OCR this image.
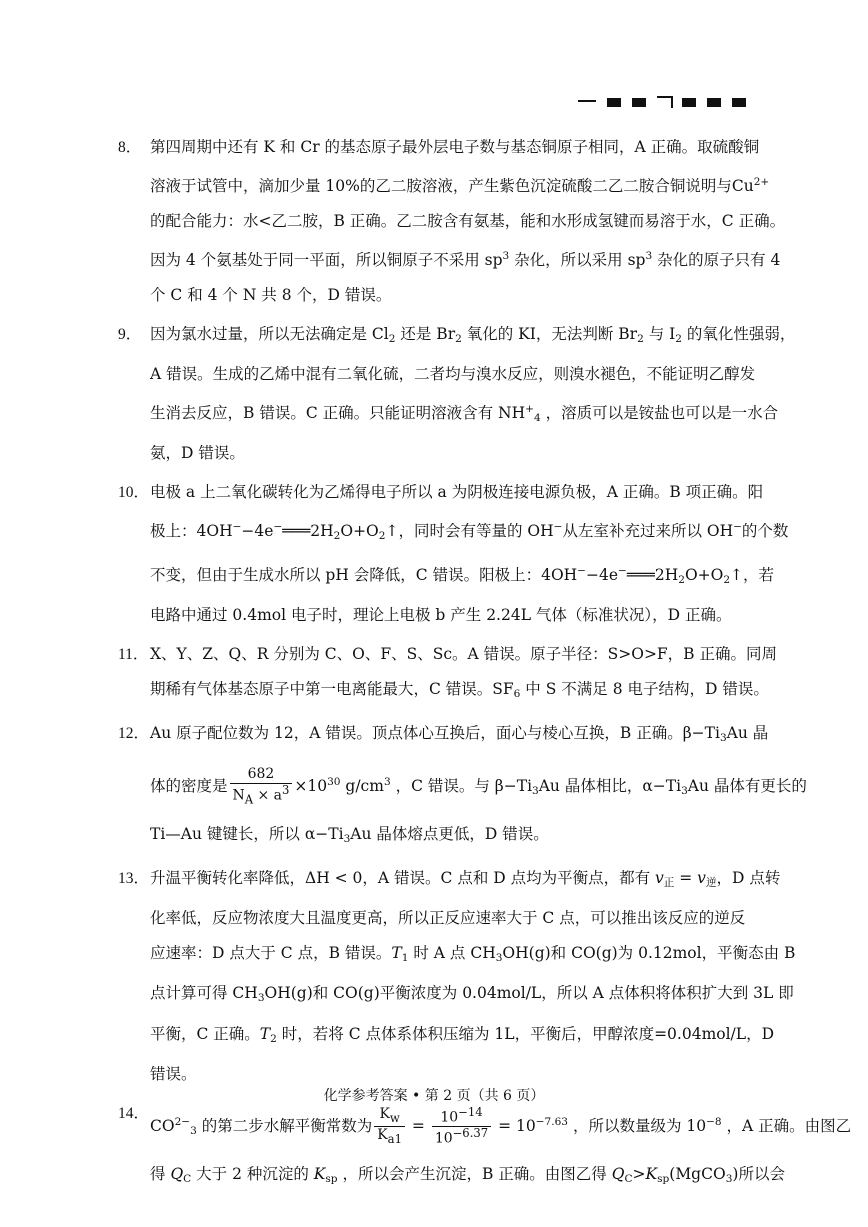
8． 第四周期中还有 K 和 Cr 的基态原子最外层电子数与基态铜原子相同，A 正确。取硫酸铜

溶液于试管中，滴加少量 10%的乙二胺溶液，产生紫色沉淀硫酸二乙二胺合铜说明与$Cu^{2+}$

的配合能力：水<乙二胺，B 正确。乙二胺含有氨基，能和水形成氢键而易溶于水，C 正确。

因为 4 个氨基处于同一平面，所以铜原子不采用 $sp^3$ 杂化，所以采用 $sp^3$ 杂化的原子只有 4

个 C 和 4 个 N 共 8 个，D 错误。

9． 因为氯水过量，所以无法确定是 $Cl_2$ 还是 $Br_2$ 氧化的 KI，无法判断 $Br_2$ 与 $I_2$ 的氧化性强弱，

A 错误。生成的乙烯中混有二氧化硫，二者均与溴水反应，则溴水褪色，不能证明乙醇发

生消去反应，B 错误。C 正确。只能证明溶液含有 $NH^+_4$ ，溶质可以是铵盐也可以是一水合

氨，D 错误。

10． 电极 a 上二氧化碳转化为乙烯得电子所以 a 为阴极连接电源负极，A 正确。B 项正确。阳

极上：$4OH^--4e^-═══2H_2O+O_2↑$，同时会有等量的 OH−从左室补充过来所以 OH−的个数

不变，但由于生成水所以 pH 会降低，C 错误。阳极上：$4OH^--4e^-═══2H_2O+O_2↑$，若

电路中通过 0.4mol 电子时，理论上电极 b 产生 2.24L 气体（标准状况），D 正确。

11． X、Y、Z、Q、R 分别为 C、O、F、S、Sc。A 错误。原子半径：S>O>F，B 正确。同周

期稀有气体基态原子中第一电离能最大，C 错误。$SF_6$ 中 S 不满足 8 电子结构，D 错误。

12． Au 原子配位数为 12，A 错误。顶点体心互换后，面心与棱心互换，B 正确。$\beta-Ti_3Au$ 晶

体的密度是 $\frac{682}{N_A \times a^3} \times 10^{30}$ $g/cm^3$ ，C 错误。与 $\beta-Ti_3Au$ 晶体相比，$\alpha-Ti_3Au$ 晶体有更长的

Ti—Au 键键长，所以 $\alpha-Ti_3Au$ 晶体熔点更低，D 错误。

13． 升温平衡转化率降低，ΔH < 0，A 错误。C 点和 D 点均为平衡点，都有 $v_正 = v_逆$，D 点转

化率低，反应物浓度大且温度更高，所以正反应速率大于 C 点，可以推出该反应的逆反

应速率：D 点大于 C 点，B 错误。$T_1$ 时 A 点 $CH_3OH(g)$和 CO(g)为 0.12mol，平衡态由 B

点计算可得 $CH_3OH(g)$和 CO(g)平衡浓度为 0.04mol/L，所以 A 点体积将体积扩大到 3L 即

平衡，C 正确。$T_2$ 时，若将 C 点体系体积压缩为 1L，平衡后，甲醇浓度=0.04mol/L，D

错误。

14．

$CO^{2-}_3$ 的第二步水解平衡常数为 $\frac{K_w}{K_{a1}} = \frac{10^{-14}}{10^{-6.37}} = 10^{-7.63}$ ，所以数量级为 $10^{-8}$ ，A 正确。由图乙

得 $Q_C$ 大于 2 种沉淀的 $K_{sp}$ ，所以会产生沉淀，B 正确。由图乙得 $Q_C>K_{sp}(MgCO_3)$所以会

化学参考答案 • 第 2 页（共 6 页）
